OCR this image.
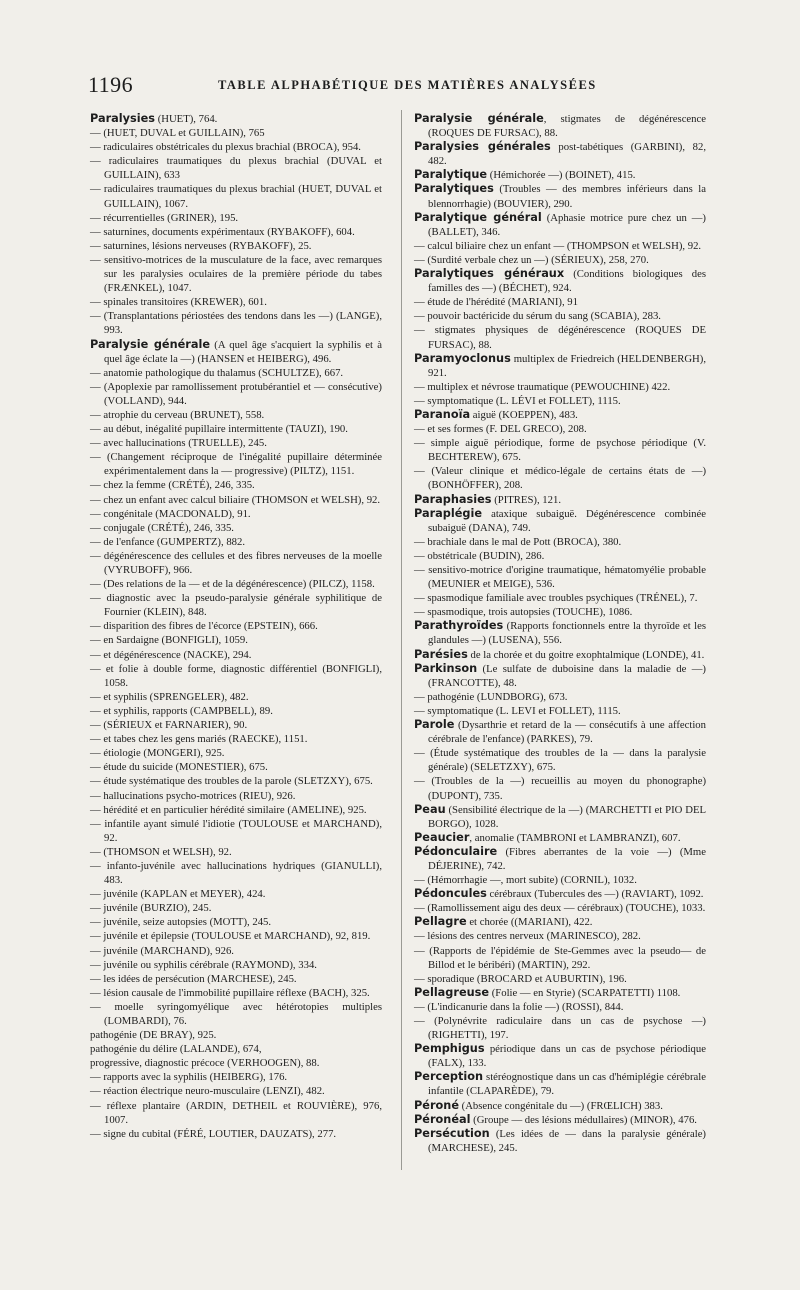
1196	TABLE ALPHABÉTIQUE DES MATIÈRES ANALYSÉES

Paralysies (HUET), 764.

— (HUET, DUVAL et GUILLAIN), 765

— radiculaires obstétricales du plexus brachial (BROCA), 954.

— radiculaires traumatiques du plexus brachial (DUVAL et GUILLAIN), 633

— radiculaires traumatiques du plexus brachial (HUET, DUVAL et GUILLAIN), 1067.

— récurrentielles (GRINER), 195.

— saturnines, documents expérimentaux (RYBAKOFF), 604.

— saturnines, lésions nerveuses (RYBAKOFF), 25.

— sensitivo-motrices de la musculature de la face, avec remarques sur les paralysies oculaires de la première période du tabes (FRÆNKEL), 1047.

— spinales transitoires (KREWER), 601.

— (Transplantations périostées des tendons dans les —) (LANGE), 993.

Paralysie générale (A quel âge s'acquiert la syphilis et à quel âge éclate la —) (HANSEN et HEIBERG), 496.

— anatomie pathologique du thalamus (SCHULTZE), 667.

— (Apoplexie par ramollissement protubérantiel et — consécutive) (VOLLAND), 944.

— atrophie du cerveau (BRUNET), 558.

— au début, inégalité pupillaire intermittente (TAUZI), 190.

— avec hallucinations (TRUELLE), 245.

— (Changement réciproque de l'inégalité pupillaire déterminée expérimentalement dans la — progressive) (PILTZ), 1151.

— chez la femme (CRÉTÉ), 246, 335.

— chez un enfant avec calcul biliaire (THOMSON et WELSH), 92.

— congénitale (MACDONALD), 91.

— conjugale (CRÉTÉ), 246, 335.

— de l'enfance (GUMPERTZ), 882.

— dégénérescence des cellules et des fibres nerveuses de la moelle (VYRUBOFF), 966.

— (Des relations de la — et de la dégénérescence) (PILCZ), 1158.

— diagnostic avec la pseudo-paralysie générale syphilitique de Fournier (KLEIN), 848.

— disparition des fibres de l'écorce (EPSTEIN), 666.

— en Sardaigne (BONFIGLI), 1059.

— et dégénérescence (NACKE), 294.

— et folie à double forme, diagnostic différentiel (BONFIGLI), 1058.

— et syphilis (SPRENGELER), 482.

— et syphilis, rapports (CAMPBELL), 89.

— (SÉRIEUX et FARNARIER), 90.

— et tabes chez les gens mariés (RAECKE), 1151.

— étiologie (MONGERI), 925.

— étude du suicide (MONESTIER), 675.

— étude systématique des troubles de la parole (SLETZXY), 675.

— hallucinations psycho-motrices (RIEU), 926.

— hérédité et en particulier hérédité similaire (AMELINE), 925.

— infantile ayant simulé l'idiotie (TOULOUSE et MARCHAND), 92.

— (THOMSON et WELSH), 92.

— infanto-juvénile avec hallucinations hydriques (GIANULLI), 483.

— juvénile (KAPLAN et MEYER), 424.

— juvénile (BURZIO), 245.

— juvénile, seize autopsies (MOTT), 245.

— juvénile et épilepsie (TOULOUSE et MARCHAND), 92, 819.

— juvénile (MARCHAND), 926.

— juvénile ou syphilis cérébrale (RAYMOND), 334.

— les idées de persécution (MARCHESE), 245.

— lésion causale de l'immobilité pupillaire réflexe (BACH), 325.

— moelle syringomyélique avec hétérotopies multiples (LOMBARDI), 76.

pathogénie (DE BRAY), 925.

pathogénie du délire (LALANDE), 674,

progressive, diagnostic précoce (VERHOOGEN), 88.

— rapports avec la syphilis (HEIBERG), 176.

— réaction électrique neuro-musculaire (LENZI), 482.

— réflexe plantaire (ARDIN, DETHEIL et ROUVIÈRE), 976, 1007.

— signe du cubital (FÉRÉ, LOUTIER, DAUZATS), 277.

Paralysie générale, stigmates de dégénérescence (ROQUES DE FURSAC), 88.

Paralysies générales post-tabétiques (GARBINI), 82, 482.

Paralytique (Hémichorée —) (BOINET), 415.

Paralytiques (Troubles — des membres inférieurs dans la blennorrhagie) (BOUVIER), 290.

Paralytique général (Aphasie motrice pure chez un —) (BALLET), 346.

— calcul biliaire chez un enfant — (THOMPSON et WELSH), 92.

— (Surdité verbale chez un —) (SÉRIEUX), 258, 270.

Paralytiques généraux (Conditions biologiques des familles des —) (BÉCHET), 924.

— étude de l'hérédité (MARIANI), 91

— pouvoir bactéricide du sérum du sang (SCABIA), 283.

— stigmates physiques de dégénérescence (ROQUES DE FURSAC), 88.

Paramyoclonus multiplex de Friedreich (HELDENBERGH), 921.

— multiplex et névrose traumatique (PEWOUCHINE) 422.

— symptomatique (L. LÉVI et FOLLET), 1115.

Paranoïa aiguë (KOEPPEN), 483.

— et ses formes (F. DEL GRECO), 208.

— simple aiguë périodique, forme de psychose périodique (V. BECHTEREW), 675.

— (Valeur clinique et médico-légale de certains états de —) (BONHÖFFER), 208.

Paraphasies (PITRES), 121.

Paraplégie ataxique subaiguë. Dégénérescence combinée subaiguë (DANA), 749.

— brachiale dans le mal de Pott (BROCA), 380.

— obstétricale (BUDIN), 286.

— sensitivo-motrice d'origine traumatique, hématomyélie probable (MEUNIER et MEIGE), 536.

— spasmodique familiale avec troubles psychiques (TRÉNEL), 7.

— spasmodique, trois autopsies (TOUCHE), 1086.

Parathyroïdes (Rapports fonctionnels entre la thyroïde et les glandules —) (LUSENA), 556.

Parésies de la chorée et du goitre exophtalmique (LONDE), 41.

Parkinson (Le sulfate de duboisine dans la maladie de —) (FRANCOTTE), 48.

— pathogénie (LUNDBORG), 673.

— symptomatique (L. LEVI et FOLLET), 1115.

Parole (Dysarthrie et retard de la — consécutifs à une affection cérébrale de l'enfance) (PARKES), 79.

— (Étude systématique des troubles de la — dans la paralysie générale) (SELETZXY), 675.

— (Troubles de la —) recueillis au moyen du phonographe) (DUPONT), 735.

Peau (Sensibilité électrique de la —) (MARCHETTI et PIO DEL BORGO), 1028.

Peaucier, anomalie (TAMBRONI et LAMBRANZI), 607.

Pédonculaire (Fibres aberrantes de la voie —) (Mme DÉJERINE), 742.

— (Hémorrhagie —, mort subite) (CORNIL), 1032.

Pédoncules cérébraux (Tubercules des —) (RAVIART), 1092.

— (Ramollissement aigu des deux — cérébraux) (TOUCHE), 1033.

Pellagre et chorée ((MARIANI), 422.

— lésions des centres nerveux (MARINESCO), 282.

— (Rapports de l'épidémie de Ste-Gemmes avec la pseudo— de Billod et le béribéri) (MARTIN), 292.

— sporadique (BROCARD et AUBURTIN), 196.

Pellagreuse (Folie — en Styrie) (SCARPATETTI) 1108.

— (L'indicanurie dans la folie —) (ROSSI), 844.

— (Polynévrite radiculaire dans un cas de psychose —) (RIGHETTI), 197.

Pemphigus périodique dans un cas de psychose périodique (FALX), 133.

Perception stéréognostique dans un cas d'hémiplégie cérébrale infantile (CLAPARÈDE), 79.

Péroné (Absence congénitale du —) (FRŒLICH) 383.

Péronéal (Groupe — des lésions médullaires) (MINOR), 476.

Persécution (Les idées de — dans la paralysie générale) (MARCHESE), 245.
